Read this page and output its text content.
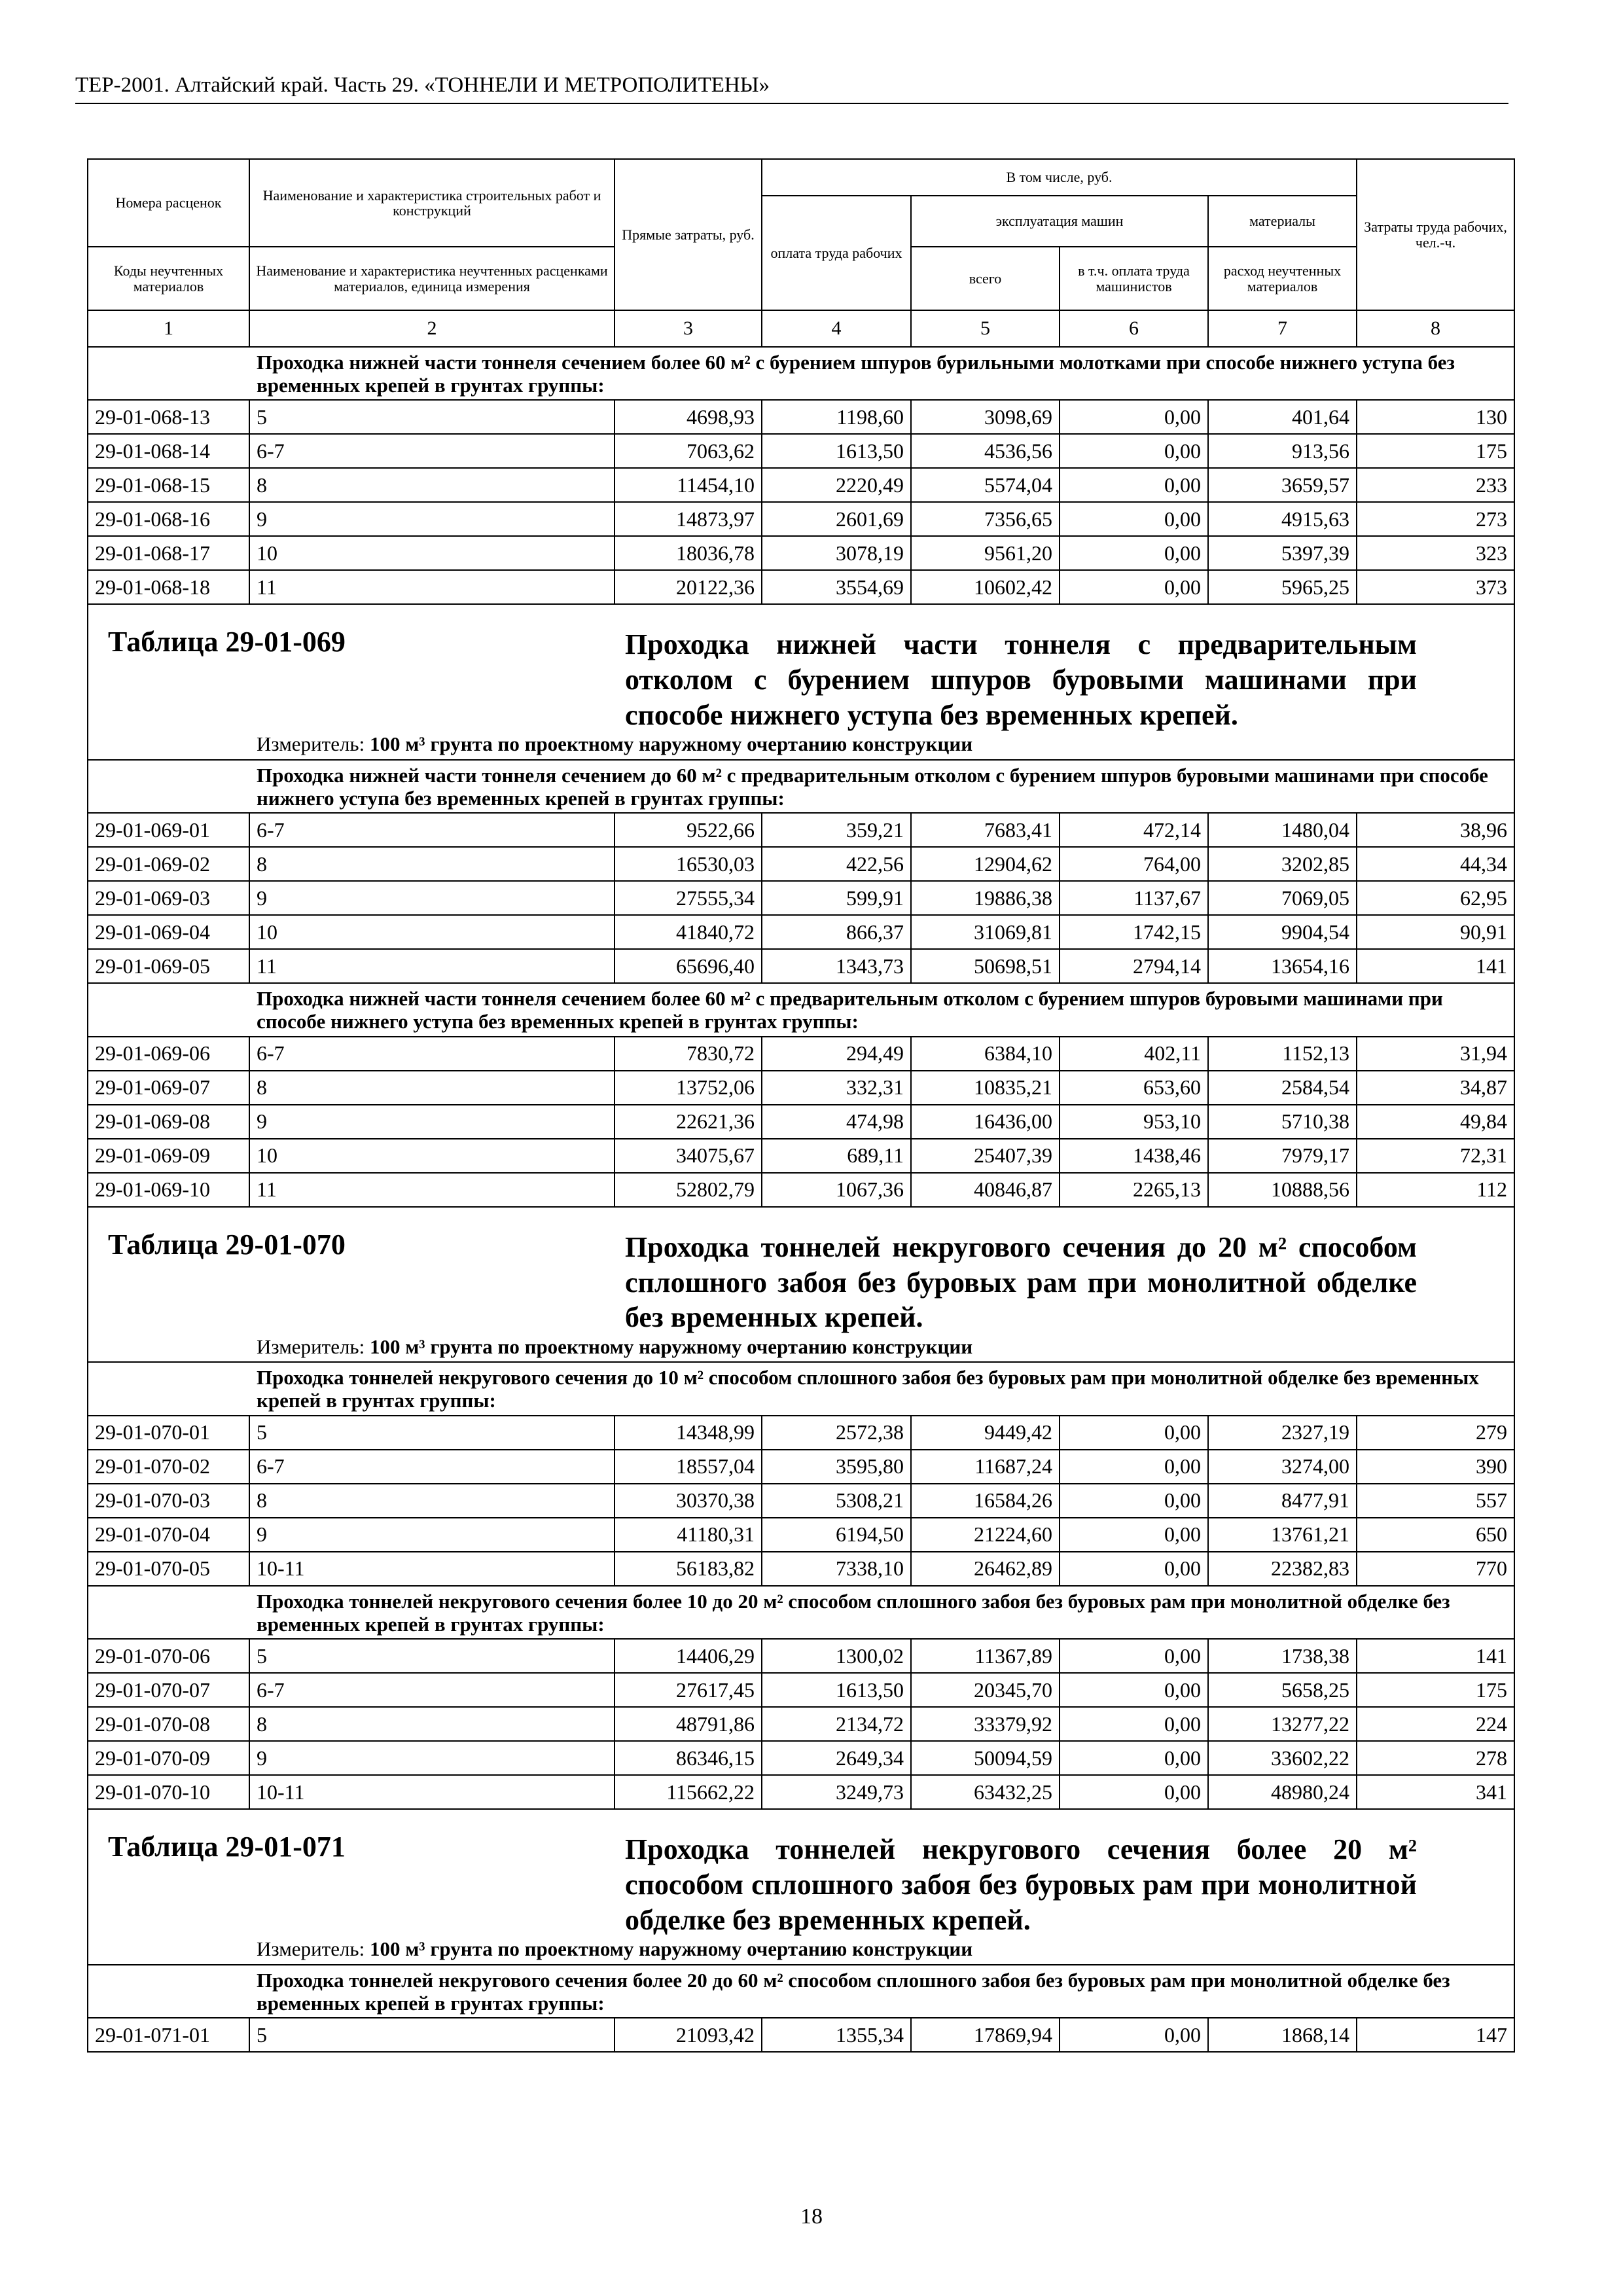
ТЕР-2001. Алтайский край. Часть 29. «ТОННЕЛИ И МЕТРОПОЛИТЕНЫ»
Номера расценок	Наименование и характеристика строительных работ и конструкций	Прямые затраты, руб.	В том числе, руб.				Затраты труда рабочих, чел.-ч.
			оплата труда рабочих	эксплуатация машин		материалы	
Коды неучтенных материалов	Наименование и характеристика неучтенных расценками материалов, единица измерения			всего	в т.ч. оплата труда машинистов	расход неучтенных материалов	
1	2	3	4	5	6	7	8
Проходка нижней части тоннеля сечением более 60 м² с бурением шпуров бурильными молотками при способе нижнего уступа без временных крепей в грунтах группы:							
29-01-068-13	5	4698,93	1198,60	3098,69	0,00	401,64	130
29-01-068-14	6-7	7063,62	1613,50	4536,56	0,00	913,56	175
29-01-068-15	8	11454,10	2220,49	5574,04	0,00	3659,57	233
29-01-068-16	9	14873,97	2601,69	7356,65	0,00	4915,63	273
29-01-068-17	10	18036,78	3078,19	9561,20	0,00	5397,39	323
29-01-068-18	11	20122,36	3554,69	10602,42	0,00	5965,25	373

Таблица 29-01-069 Проходка нижней части тоннеля с предварительным отколом с бурением шпуров буровыми машинами при способе нижнего уступа без временных крепей.							

Измеритель: 100 м³ грунта по проектному наружному очертанию конструкции							
Проходка нижней части тоннеля сечением до 60 м² с предварительным отколом с бурением шпуров буровыми машинами при способе нижнего уступа без временных крепей в грунтах группы:							
29-01-069-01	6-7	9522,66	359,21	7683,41	472,14	1480,04	38,96
29-01-069-02	8	16530,03	422,56	12904,62	764,00	3202,85	44,34
29-01-069-03	9	27555,34	599,91	19886,38	1137,67	7069,05	62,95
29-01-069-04	10	41840,72	866,37	31069,81	1742,15	9904,54	90,91
29-01-069-05	11	65696,40	1343,73	50698,51	2794,14	13654,16	141
Проходка нижней части тоннеля сечением более 60 м² с предварительным отколом с бурением шпуров буровыми машинами при способе нижнего уступа без временных крепей в грунтах группы:							
29-01-069-06	6-7	7830,72	294,49	6384,10	402,11	1152,13	31,94
29-01-069-07	8	13752,06	332,31	10835,21	653,60	2584,54	34,87
29-01-069-08	9	22621,36	474,98	16436,00	953,10	5710,38	49,84
29-01-069-09	10	34075,67	689,11	25407,39	1438,46	7979,17	72,31
29-01-069-10	11	52802,79	1067,36	40846,87	2265,13	10888,56	112

Таблица 29-01-070 Проходка тоннелей некругового сечения до 20 м² способом сплошного забоя без буровых рам при монолитной обделке без временных крепей.							

Измеритель: 100 м³ грунта по проектному наружному очертанию конструкции							
Проходка тоннелей некругового сечения до 10 м² способом сплошного забоя без буровых рам при монолитной обделке без временных крепей в грунтах группы:							
29-01-070-01	5	14348,99	2572,38	9449,42	0,00	2327,19	279
29-01-070-02	6-7	18557,04	3595,80	11687,24	0,00	3274,00	390
29-01-070-03	8	30370,38	5308,21	16584,26	0,00	8477,91	557
29-01-070-04	9	41180,31	6194,50	21224,60	0,00	13761,21	650
29-01-070-05	10-11	56183,82	7338,10	26462,89	0,00	22382,83	770
Проходка тоннелей некругового сечения более 10 до 20 м² способом сплошного забоя без буровых рам при монолитной обделке без временных крепей в грунтах группы:							
29-01-070-06	5	14406,29	1300,02	11367,89	0,00	1738,38	141
29-01-070-07	6-7	27617,45	1613,50	20345,70	0,00	5658,25	175
29-01-070-08	8	48791,86	2134,72	33379,92	0,00	13277,22	224
29-01-070-09	9	86346,15	2649,34	50094,59	0,00	33602,22	278
29-01-070-10	10-11	115662,22	3249,73	63432,25	0,00	48980,24	341

Таблица 29-01-071 Проходка тоннелей некругового сечения более 20 м² способом сплошного забоя без буровых рам при монолитной обделке без временных крепей.							

Измеритель: 100 м³ грунта по проектному наружному очертанию конструкции							
Проходка тоннелей некругового сечения более 20 до 60 м² способом сплошного забоя без буровых рам при монолитной обделке без временных крепей в грунтах группы:							
29-01-071-01	5	21093,42	1355,34	17869,94	0,00	1868,14	147
18
